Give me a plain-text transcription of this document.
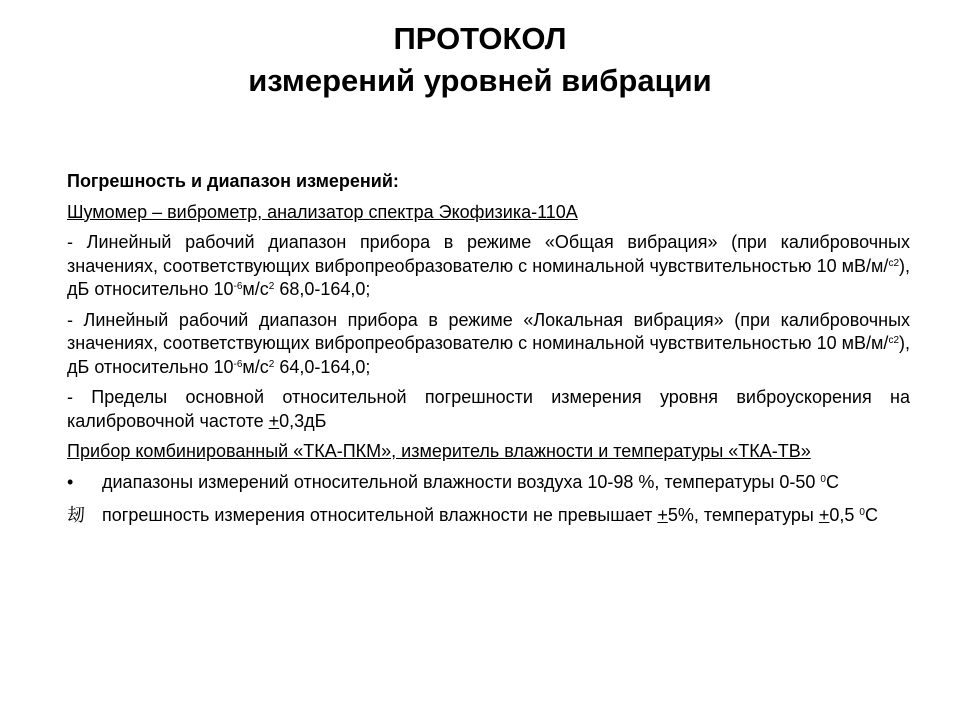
ПРОТОКОЛ
измерений уровней вибрации

Погрешность и диапазон измерений:

Шумомер – виброметр, анализатор спектра Экофизика-110А

- Линейный рабочий диапазон прибора в режиме «Общая вибрация» (при калибровочных значениях, соответствующих вибропреобразователю с номинальной чувствительностью 10 мВ/м/$^{с2}$), дБ относительно $10^{-6}м/с^2$ 68,0-164,0;

- Линейный рабочий диапазон прибора в режиме «Локальная вибрация» (при калибровочных значениях, соответствующих вибропреобразователю с номинальной чувствительностью 10 мВ/м/$^{с2}$), дБ относительно $10^{-6}м/с^2$ 64,0-164,0;

- Пределы основной относительной погрешности измерения уровня виброускорения на калибровочной частоте +0,3дБ

Прибор комбинированный «ТКА-ПКМ», измеритель влажности и температуры «ТКА-ТВ»

•	диапазоны измерений относительной влажности воздуха 10-98 %, температуры 0-50 $^0$С
刼 погрешность измерения относительной влажности не превышает +5%, температуры +0,5 $^0$С
